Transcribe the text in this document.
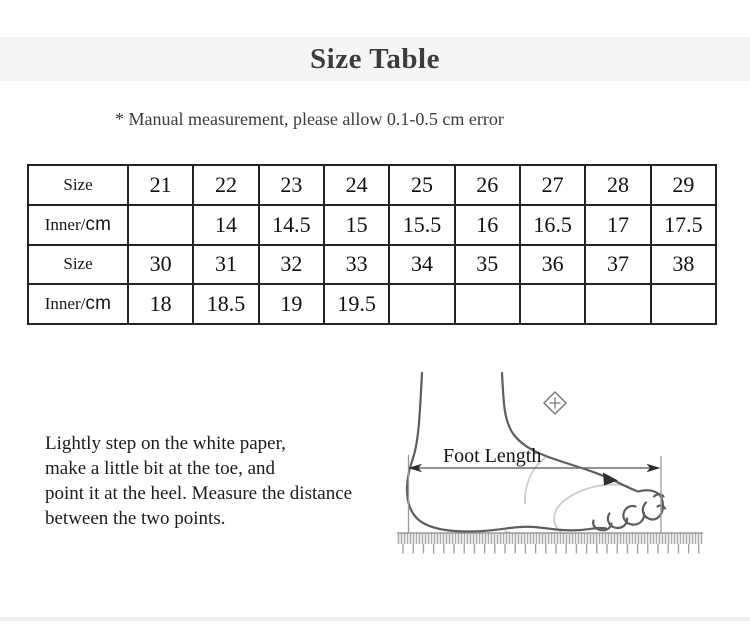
Size Table
* Manual measurement, please allow 0.1-0.5 cm error
Size	21	22	23	24	25	26	27	28	29
Inner/cm		14	14.5	15	15.5	16	16.5	17	17.5
Size	30	31	32	33	34	35	36	37	38
Inner/cm	18	18.5	19	19.5					
Lightly step on the white paper,
make a little bit at the toe, and
point it at the heel. Measure the distance
between the two points.
Foot Length
